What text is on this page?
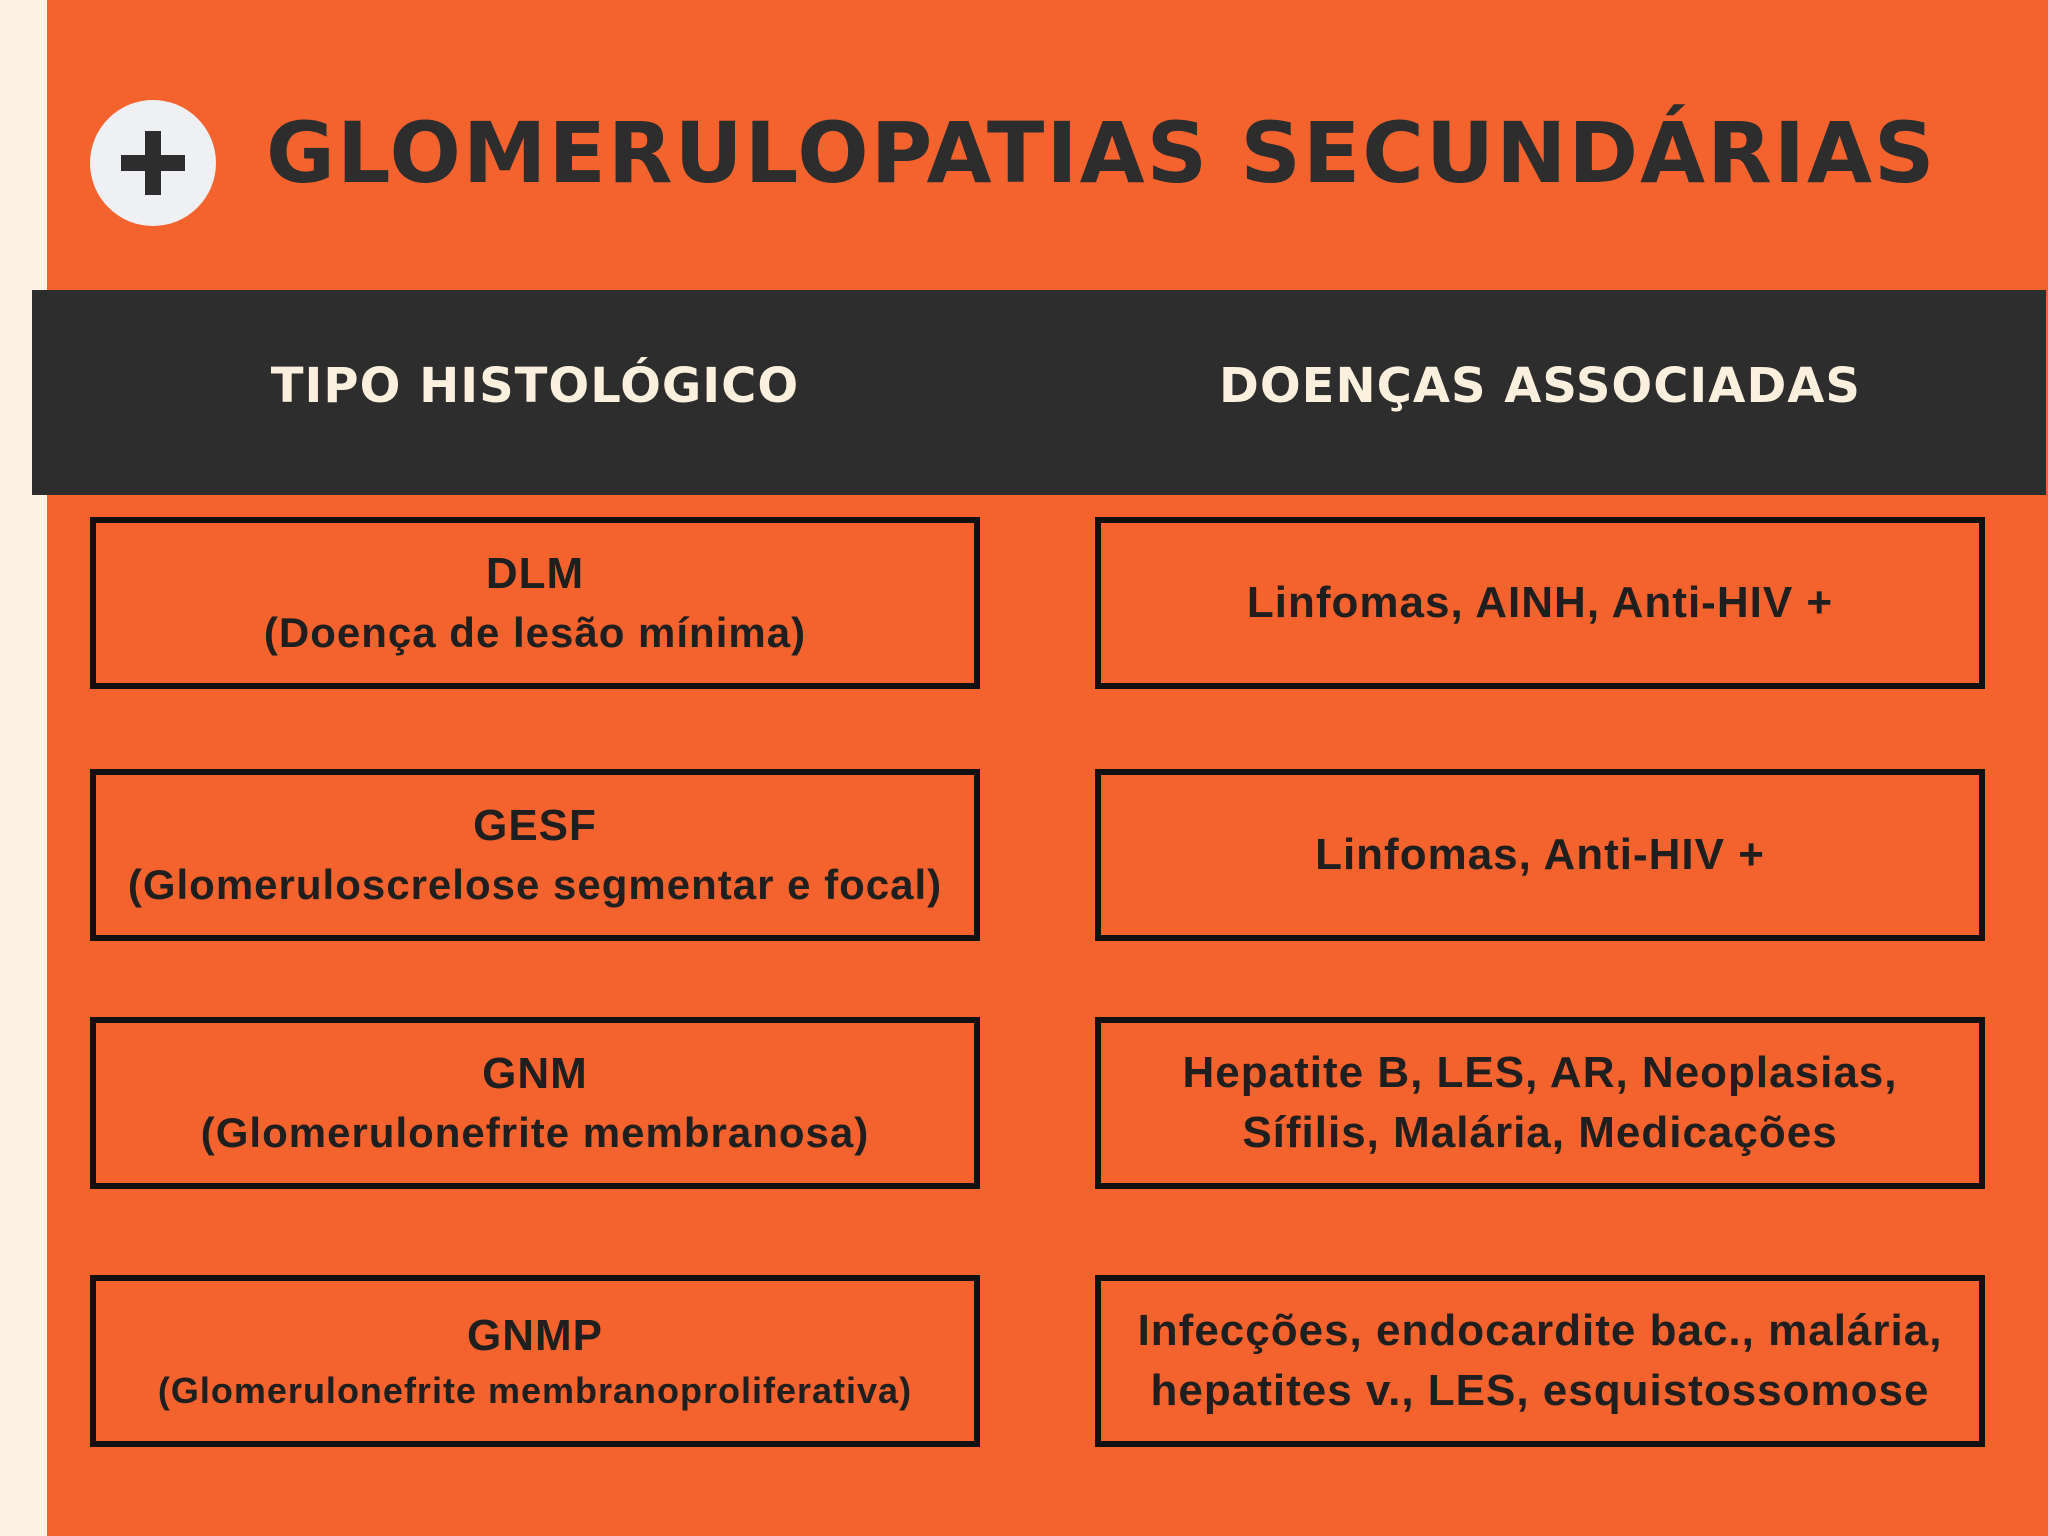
GLOMERULOPATIAS SECUNDÁRIAS
TIPO HISTOLÓGICO	DOENÇAS ASSOCIADAS
DLM
(Doença de lesão mínima)
Linfomas, AINH, Anti-HIV +
GESF
(Glomeruloscrelose segmentar e focal)
Linfomas, Anti-HIV +
GNM
(Glomerulonefrite membranosa)
Hepatite B, LES, AR, Neoplasias,
Sífilis, Malária, Medicações
GNMP
(Glomerulonefrite membranoproliferativa)
Infecções, endocardite bac., malária,
hepatites v., LES, esquistossomose
